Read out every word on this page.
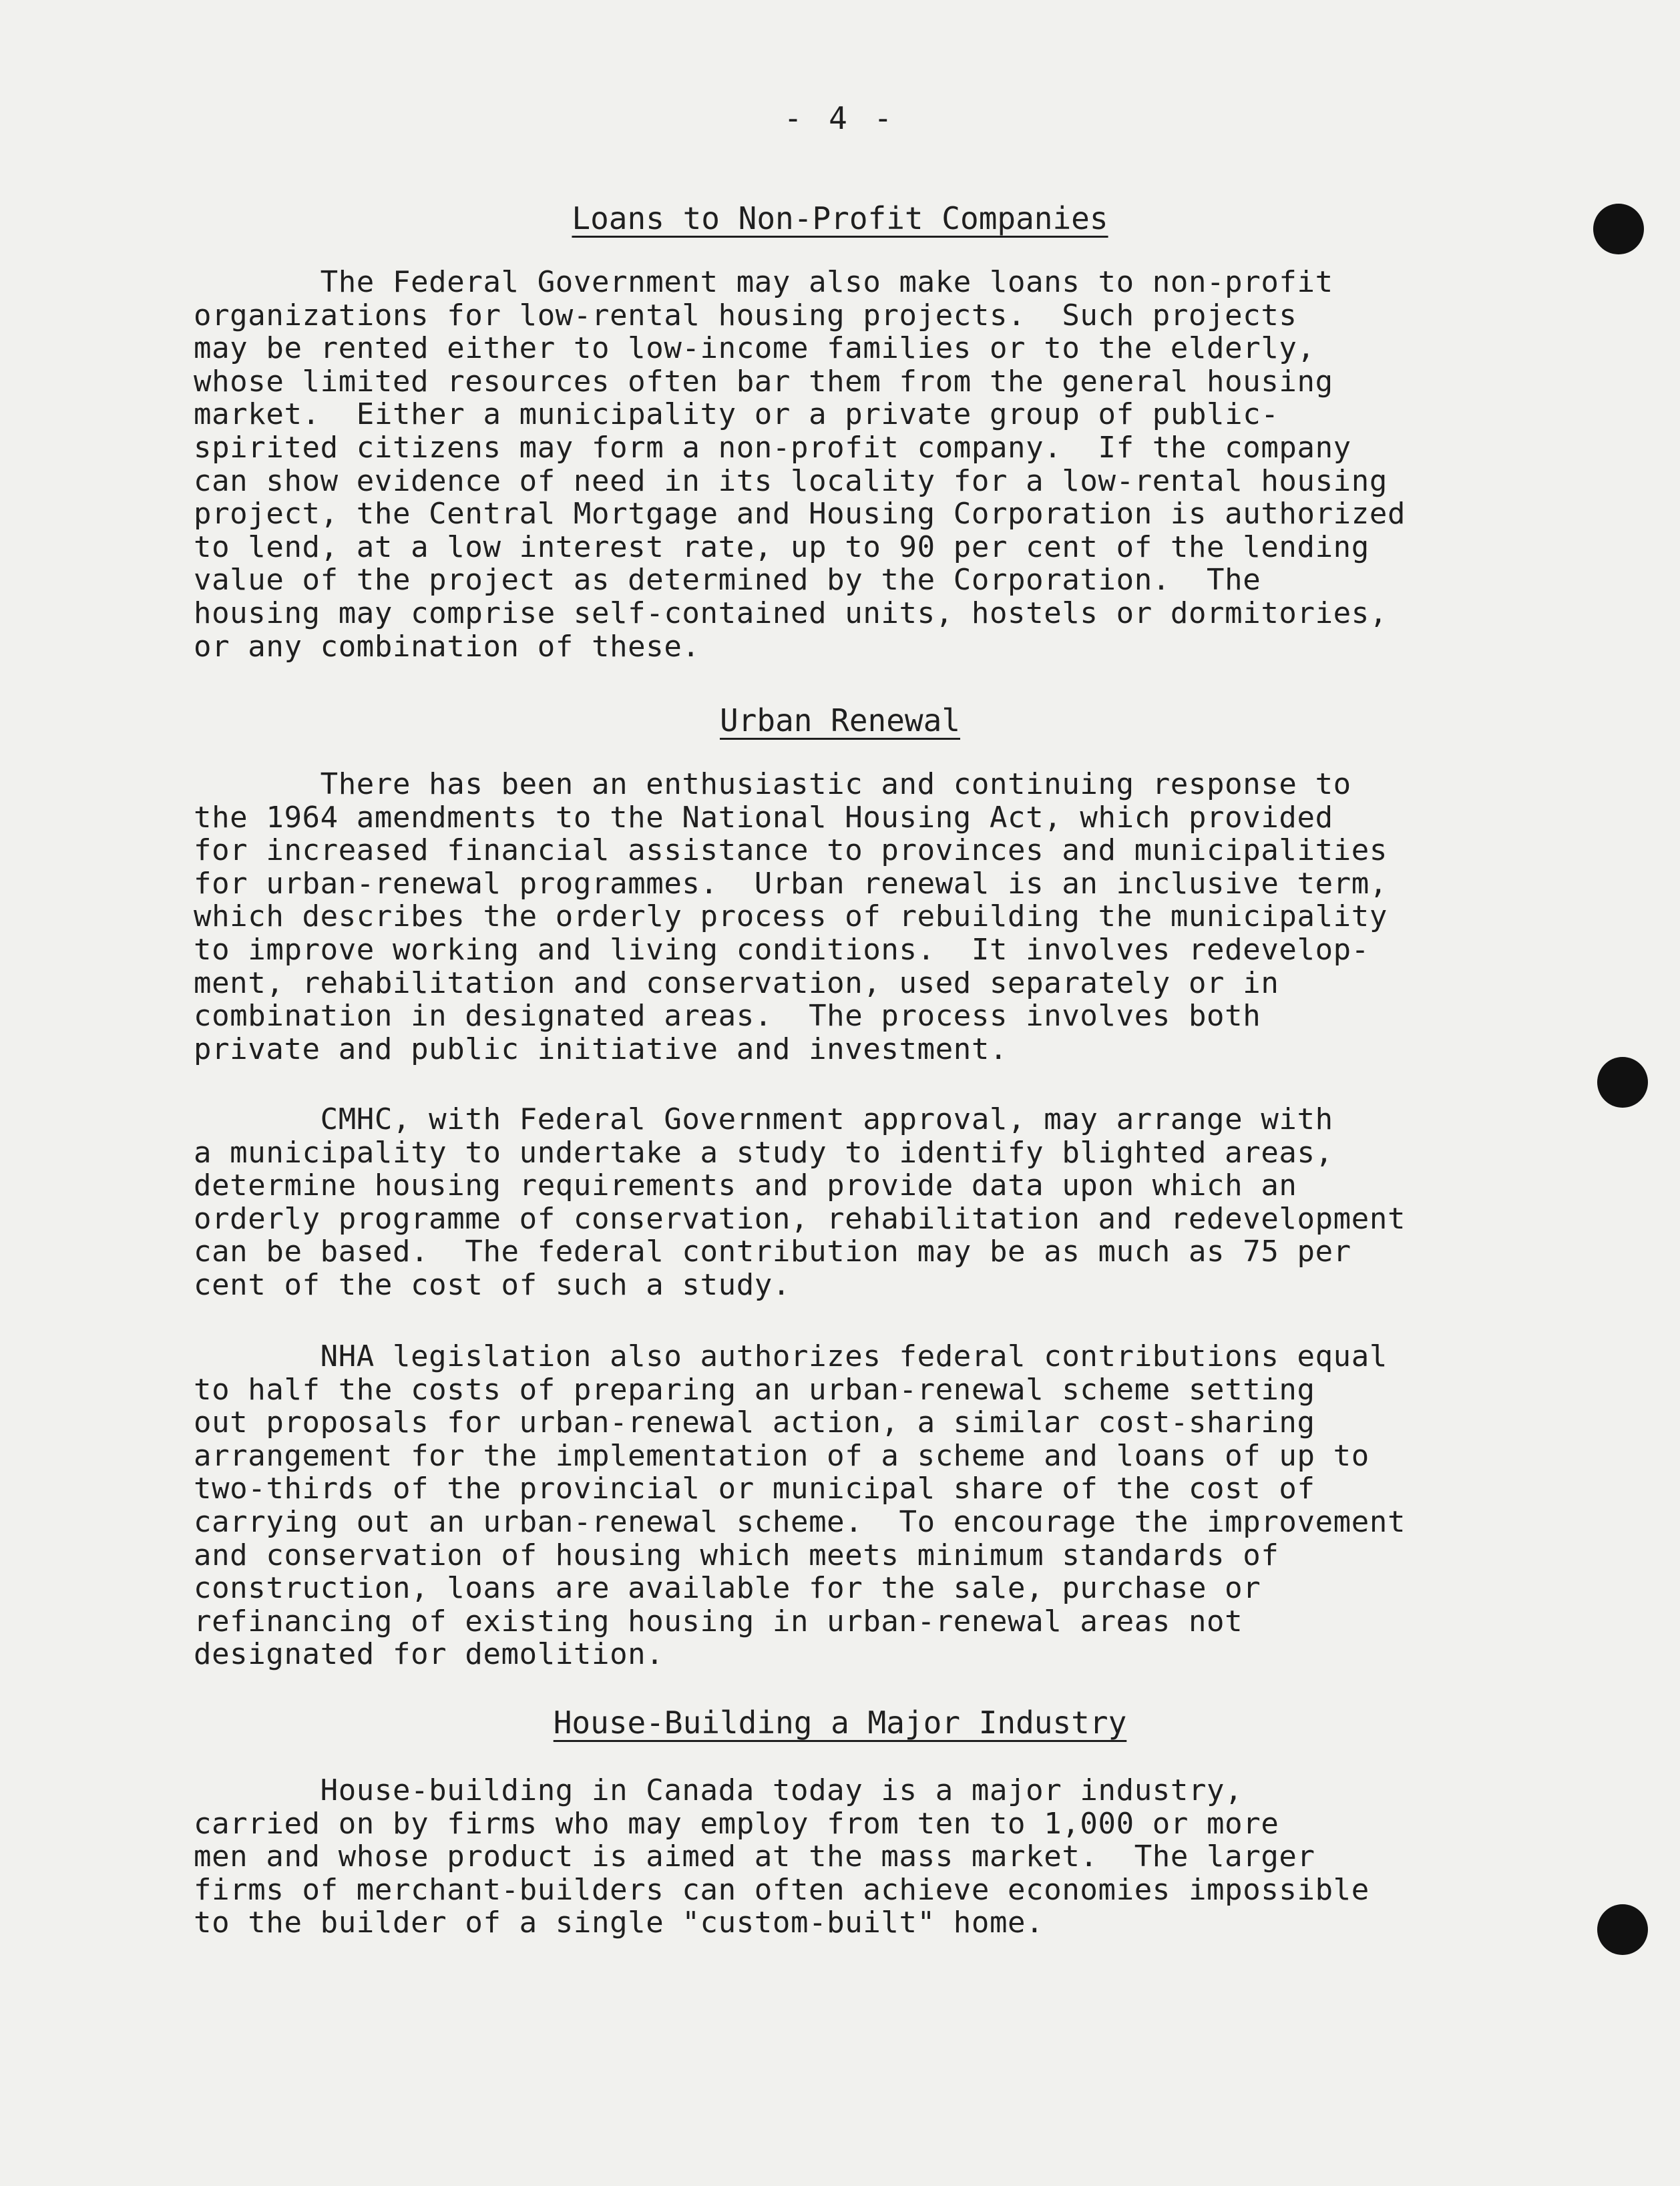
- 4 -
Loans to Non-Profit Companies
The Federal Government may also make loans to non-profit
organizations for low-rental housing projects.  Such projects
may be rented either to low-income families or to the elderly,
whose limited resources often bar them from the general housing
market.  Either a municipality or a private group of public-
spirited citizens may form a non-profit company.  If the company
can show evidence of need in its locality for a low-rental housing
project, the Central Mortgage and Housing Corporation is authorized
to lend, at a low interest rate, up to 90 per cent of the lending
value of the project as determined by the Corporation.  The
housing may comprise self-contained units, hostels or dormitories,
or any combination of these.
Urban Renewal
There has been an enthusiastic and continuing response to
the 1964 amendments to the National Housing Act, which provided
for increased financial assistance to provinces and municipalities
for urban-renewal programmes.  Urban renewal is an inclusive term,
which describes the orderly process of rebuilding the municipality
to improve working and living conditions.  It involves redevelop-
ment, rehabilitation and conservation, used separately or in
combination in designated areas.  The process involves both
private and public initiative and investment.
CMHC, with Federal Government approval, may arrange with
a municipality to undertake a study to identify blighted areas,
determine housing requirements and provide data upon which an
orderly programme of conservation, rehabilitation and redevelopment
can be based.  The federal contribution may be as much as 75 per
cent of the cost of such a study.
NHA legislation also authorizes federal contributions equal
to half the costs of preparing an urban-renewal scheme setting
out proposals for urban-renewal action, a similar cost-sharing
arrangement for the implementation of a scheme and loans of up to
two-thirds of the provincial or municipal share of the cost of
carrying out an urban-renewal scheme.  To encourage the improvement
and conservation of housing which meets minimum standards of
construction, loans are available for the sale, purchase or
refinancing of existing housing in urban-renewal areas not
designated for demolition.
House-Building a Major Industry
House-building in Canada today is a major industry,
carried on by firms who may employ from ten to 1,000 or more
men and whose product is aimed at the mass market.  The larger
firms of merchant-builders can often achieve economies impossible
to the builder of a single "custom-built" home.
